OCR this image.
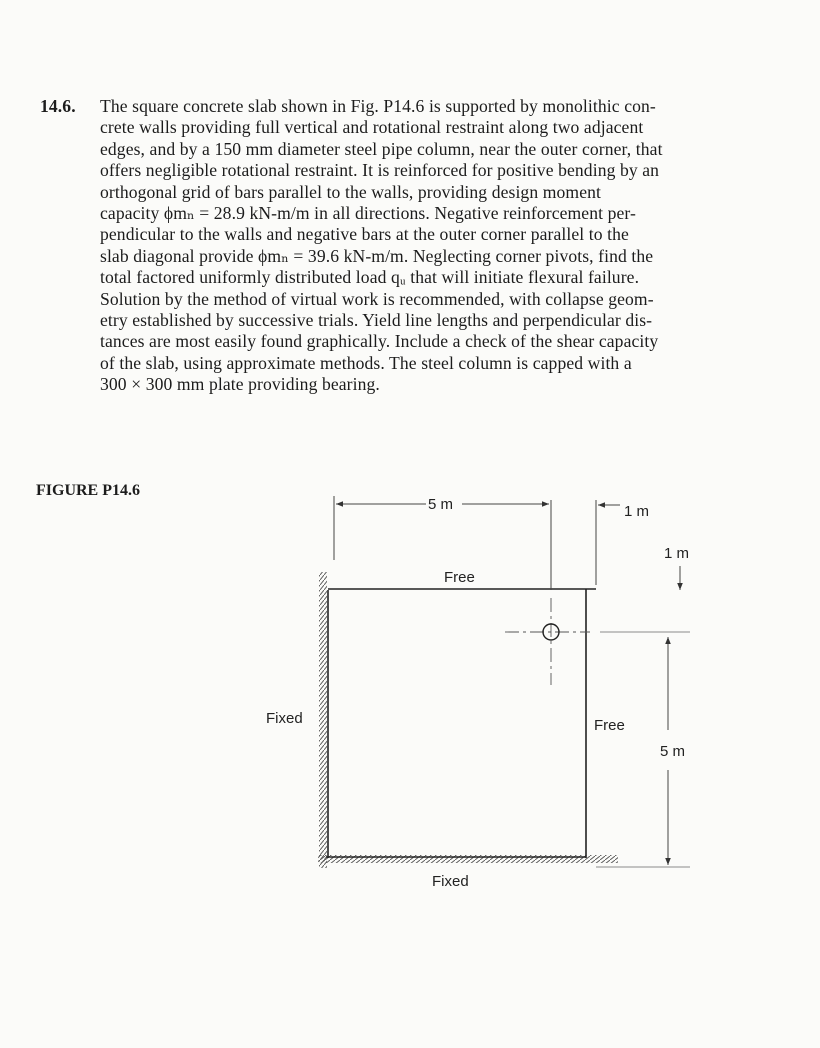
14.6. The square concrete slab shown in Fig. P14.6 is supported by monolithic con-
crete walls providing full vertical and rotational restraint along two adjacent
edges, and by a 150 mm diameter steel pipe column, near the outer corner, that
offers negligible rotational restraint. It is reinforced for positive bending by an
orthogonal grid of bars parallel to the walls, providing design moment
capacity ϕmₙ = 28.9 kN-m/m in all directions. Negative reinforcement per-
pendicular to the walls and negative bars at the outer corner parallel to the
slab diagonal provide ϕmₙ = 39.6 kN-m/m. Neglecting corner pivots, find the
total factored uniformly distributed load qᵤ that will initiate flexural failure.
Solution by the method of virtual work is recommended, with collapse geom-
etry established by successive trials. Yield line lengths and perpendicular dis-
tances are most easily found graphically. Include a check of the shear capacity
of the slab, using approximate methods. The steel column is capped with a
300 × 300 mm plate providing bearing.
FIGURE P14.6
5 m	1 m
1 m
5 m
Free
Free
Fixed
Fixed
